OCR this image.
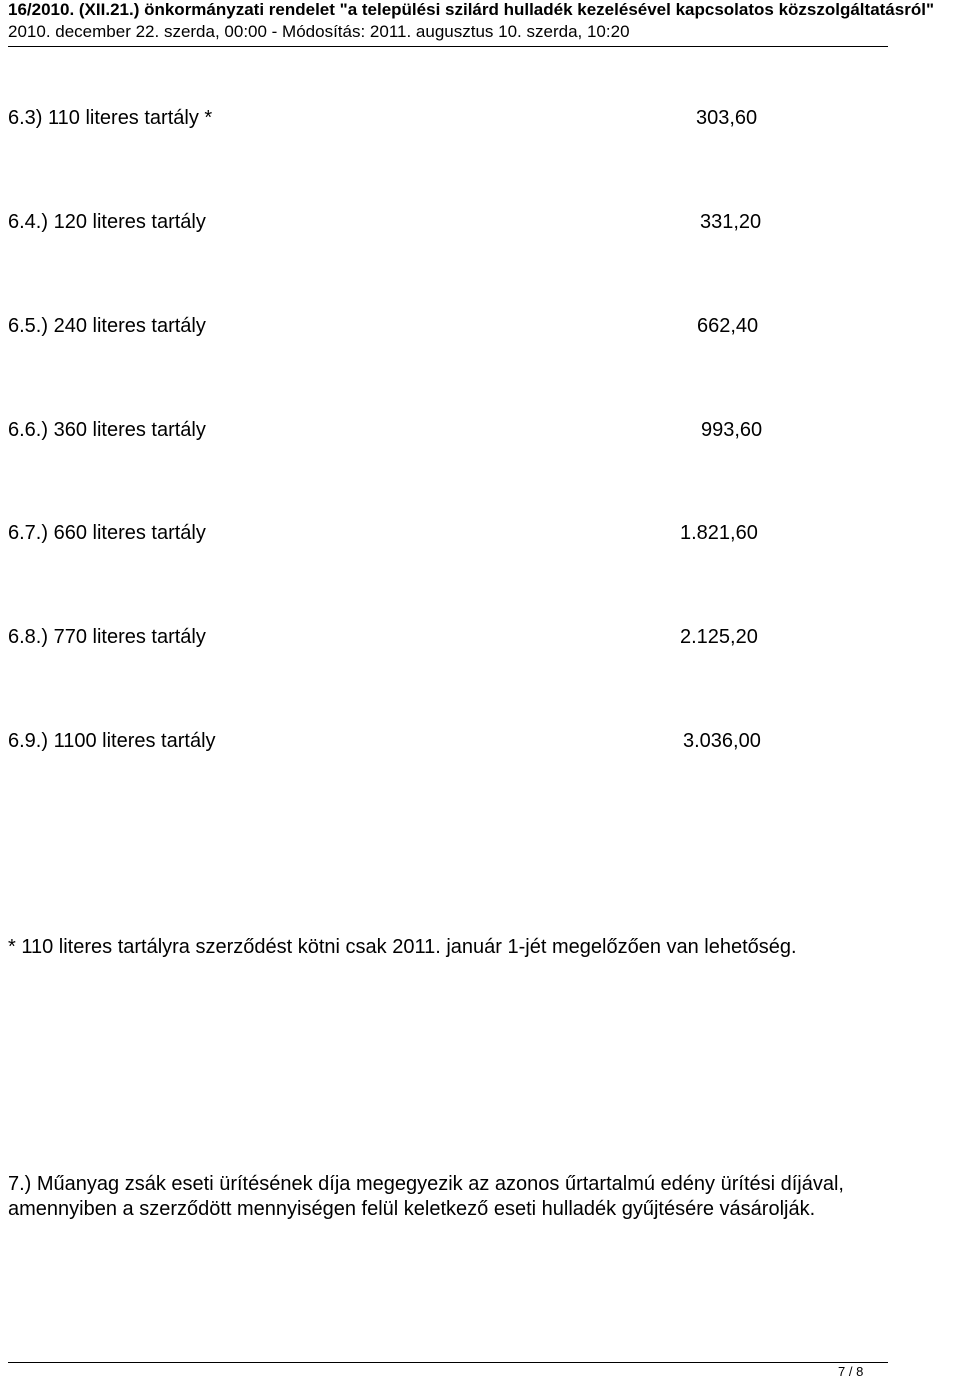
16/2010. (XII.21.) önkormányzati rendelet "a települési szilárd hulladék kezelésével kapcsolatos közszolgáltatásról"
2010. december 22. szerda, 00:00 - Módosítás: 2011. augusztus 10. szerda, 10:20
6.3) 110 literes tartály *	303,60
6.4.) 120 literes tartály	331,20
6.5.) 240 literes tartály	662,40
6.6.) 360 literes tartály	993,60
6.7.) 660 literes tartály	1.821,60
6.8.) 770 literes tartály	2.125,20
6.9.) 1100 literes tartály	3.036,00
* 110 literes tartályra szerződést kötni csak 2011. január 1-jét megelőzően van lehetőség.
7.) Műanyag zsák eseti ürítésének díja megegyezik az azonos űrtartalmú edény ürítési díjával,
amennyiben a szerződött mennyiségen felül keletkező eseti hulladék gyűjtésére vásárolják.
7 / 8
